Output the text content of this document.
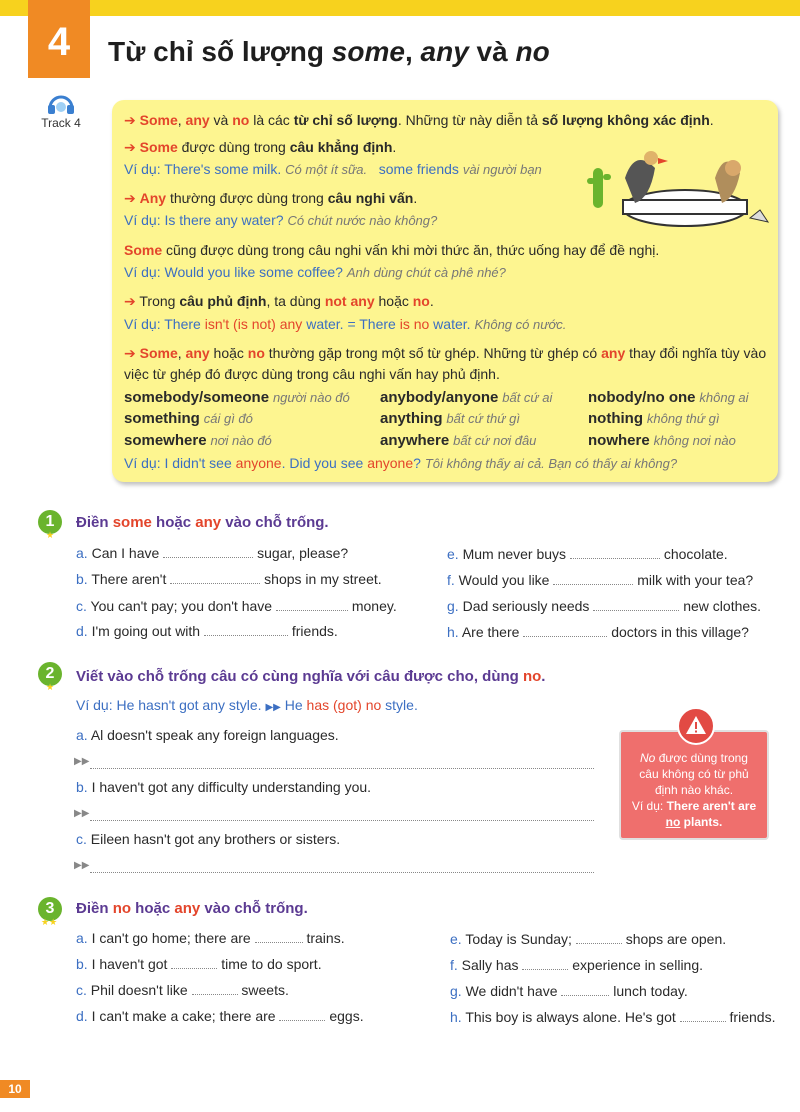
4 Từ chỉ số lượng some, any và no
Track 4	➔ Some, any và no là các từ chỉ số lượng. Những từ này diễn tả số lượng không xác định.
➔ Some được dùng trong câu khẳng định.
Ví dụ: There's some milk. Có một ít sữa. some friends vài người bạn
➔ Any thường được dùng trong câu nghi vấn.
Ví dụ: Is there any water? Có chút nước nào không?
Some cũng được dùng trong câu nghi vấn khi mời thức ăn, thức uống hay để đề nghị.
Ví dụ: Would you like some coffee? Anh dùng chút cà phê nhé?
➔ Trong câu phủ định, ta dùng not any hoặc no.
Ví dụ: There isn't (is not) any water. = There is no water. Không có nước.
➔ Some, any hoặc no thường gặp trong một số từ ghép. Những từ ghép có any thay đổi nghĩa tùy vào
việc từ ghép đó được dùng trong câu nghi vấn hay phủ định.
somebody/someone người nào đó anybody/anyone bất cứ ai nobody/no one không ai
something cái gì đó	anything bất cứ thứ gì	nothing không thứ gì
somewhere nơi nào đó	anywhere bất cứ nơi đâu	nowhere không nơi nào
Ví dụ: I didn't see anyone. Did you see anyone? Tôi không thấy ai cả. Bạn có thấy ai không?
1
★
Điền some hoặc any vào chỗ trống.
a. Can I have	sugar, please?
b. There aren't	shops in my street.
c. You can't pay; you don't have	money.
d. I'm going out with	friends.
e. Mum never buys	chocolate.
f. Would you like	milk with your tea?
g. Dad seriously needs	new clothes.
h. Are there	doctors in this village?
2
★
Viết vào chỗ trống câu có cùng nghĩa với câu được cho, dùng no.
Ví dụ: He hasn't got any style. ▶▶ He has (got) no style.
a. Al doesn't speak any foreign languages.
▶▶
b. I haven't got any difficulty understanding you.
▶▶
c. Eileen hasn't got any brothers or sisters.
▶▶
No được dùng trong câu không có từ phủ định nào khác.
Ví dụ: There aren't are
no plants.
3
★★
Điền no hoặc any vào chỗ trống.
a. I can't go home; there are	trains.
b. I haven't got	time to do sport.
c. Phil doesn't like	sweets.
d. I can't make a cake; there are	eggs.
e. Today is Sunday;	shops are open.
f. Sally has	experience in selling.
g. We didn't have	lunch today.
h. This boy is always alone. He's got	friends.
10
